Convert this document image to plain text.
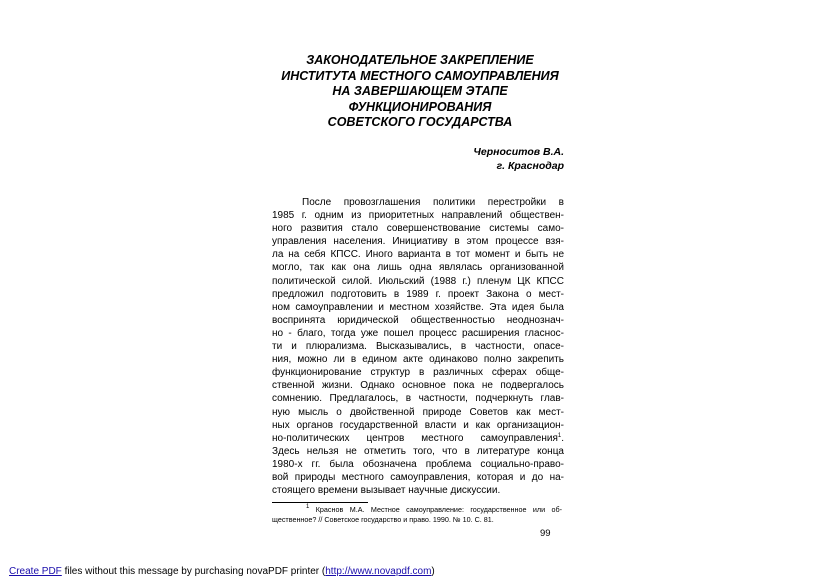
ЗАКОНОДАТЕЛЬНОЕ ЗАКРЕПЛЕНИЕ
ИНСТИТУТА МЕСТНОГО САМОУПРАВЛЕНИЯ
НА ЗАВЕРШАЮЩЕМ ЭТАПЕ
ФУНКЦИОНИРОВАНИЯ
СОВЕТСКОГО ГОСУДАРСТВА
Черноситов В.А.
г. Краснодар
После провозглашения политики перестройки в
1985 г. одним из приоритетных направлений обществен-
ного развития стало совершенствование системы само-
управления населения. Инициативу в этом процессе взя-
ла на себя КПСС. Иного варианта в тот момент и быть не
могло, так как она лишь одна являлась организованной
политической силой. Июльский (1988 г.) пленум ЦК КПСС
предложил подготовить в 1989 г. проект Закона о мест-
ном самоуправлении и местном хозяйстве. Эта идея была
воспринята юридической общественностью неоднознач-
но - благо, тогда уже пошел процесс расширения гласнос-
ти и плюрализма. Высказывались, в частности, опасе-
ния, можно ли в едином акте одинаково полно закрепить
функционирование структур в различных сферах обще-
ственной жизни. Однако основное пока не подвергалось
сомнению. Предлагалось, в частности, подчеркнуть глав-
ную мысль о двойственной природе Советов как мест-
ных органов государственной власти и как организацион-
но-политических центров местного самоуправления$^1$.
Здесь нельзя не отметить того, что в литературе конца
1980-х гг. была обозначена проблема социально-право-
вой природы местного самоуправления, которая и до на-
стоящего времени вызывает научные дискуссии.
$^1$ Краснов М.А. Местное самоуправление: государственное или об-
щественное? // Советское государство и право. 1990. № 10. С. 81.
99
Create PDF files without this message by purchasing novaPDF printer (http://www.novapdf.com)
